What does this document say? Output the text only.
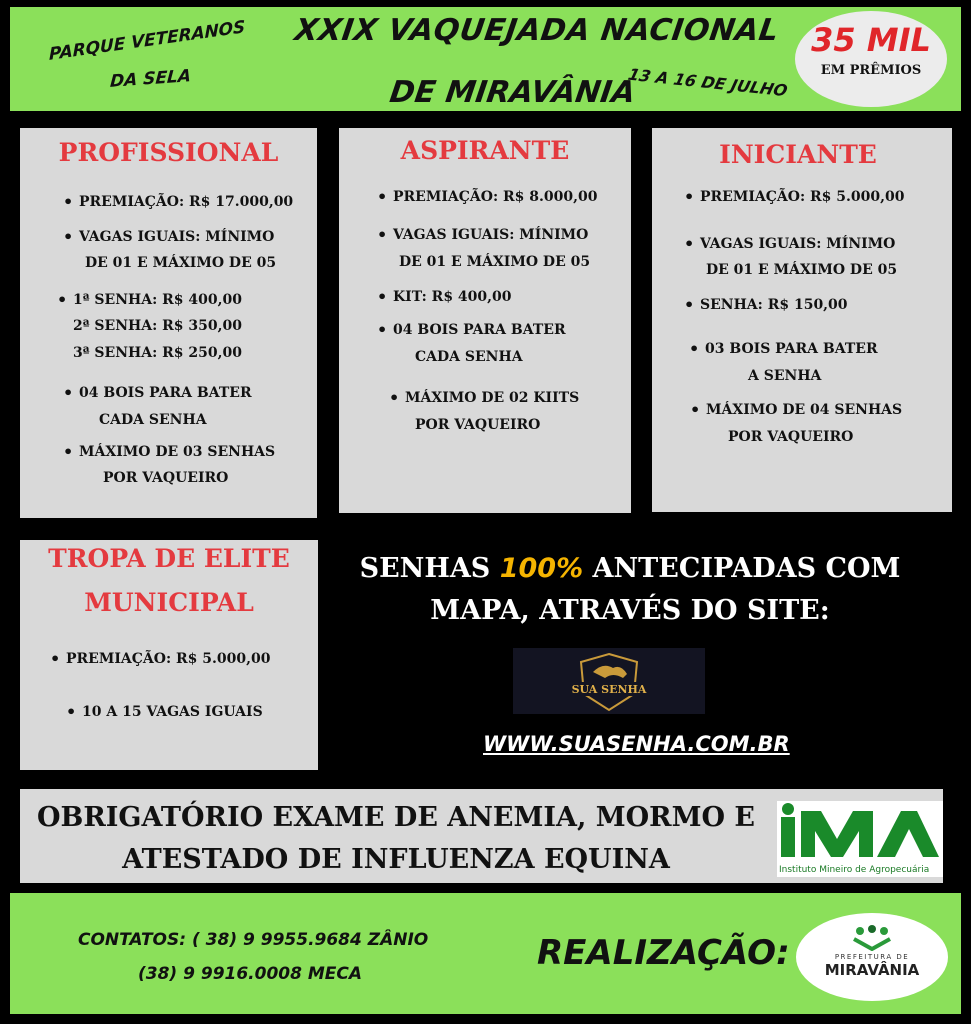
PARQUE VETERANOS
DA SELA
XXIX VAQUEJADA NACIONAL
DE MIRAVÂNIA
13 A 16 DE JULHO
35 MIL
EM PRÊMIOS
PROFISSIONAL
• PREMIAÇÃO: R$ 17.000,00
• VAGAS IGUAIS: MÍNIMO
DE 01 E MÁXIMO DE 05
• 1ª SENHA: R$ 400,00
2ª SENHA: R$ 350,00
3ª SENHA: R$ 250,00
• 04 BOIS PARA BATER
CADA SENHA
• MÁXIMO DE 03 SENHAS
POR VAQUEIRO
ASPIRANTE
• PREMIAÇÃO: R$ 8.000,00
• VAGAS IGUAIS: MÍNIMO
DE 01 E MÁXIMO DE 05
• KIT: R$ 400,00
• 04 BOIS PARA BATER
CADA SENHA
• MÁXIMO DE 02 KIITS
POR VAQUEIRO
INICIANTE
• PREMIAÇÃO: R$ 5.000,00
• VAGAS IGUAIS: MÍNIMO
DE 01 E MÁXIMO DE 05
• SENHA: R$ 150,00
• 03 BOIS PARA BATER
A SENHA
• MÁXIMO DE 04 SENHAS
POR VAQUEIRO
TROPA DE ELITE
MUNICIPAL
• PREMIAÇÃO: R$ 5.000,00
• 10 A 15 VAGAS IGUAIS
SENHAS 100% ANTECIPADAS COM
MAPA, ATRAVÉS DO SITE:
SUA SENHA
WWW.SUASENHA.COM.BR
OBRIGATÓRIO EXAME DE ANEMIA, MORMO E
ATESTADO DE INFLUENZA EQUINA	Instituto Mineiro de Agropecuária
CONTATOS: ( 38) 9 9955.9684 ZÂNIO
(38) 9 9916.0008 MECA
REALIZAÇÃO:	PREFEITURA DE
MIRAVÂNIA
